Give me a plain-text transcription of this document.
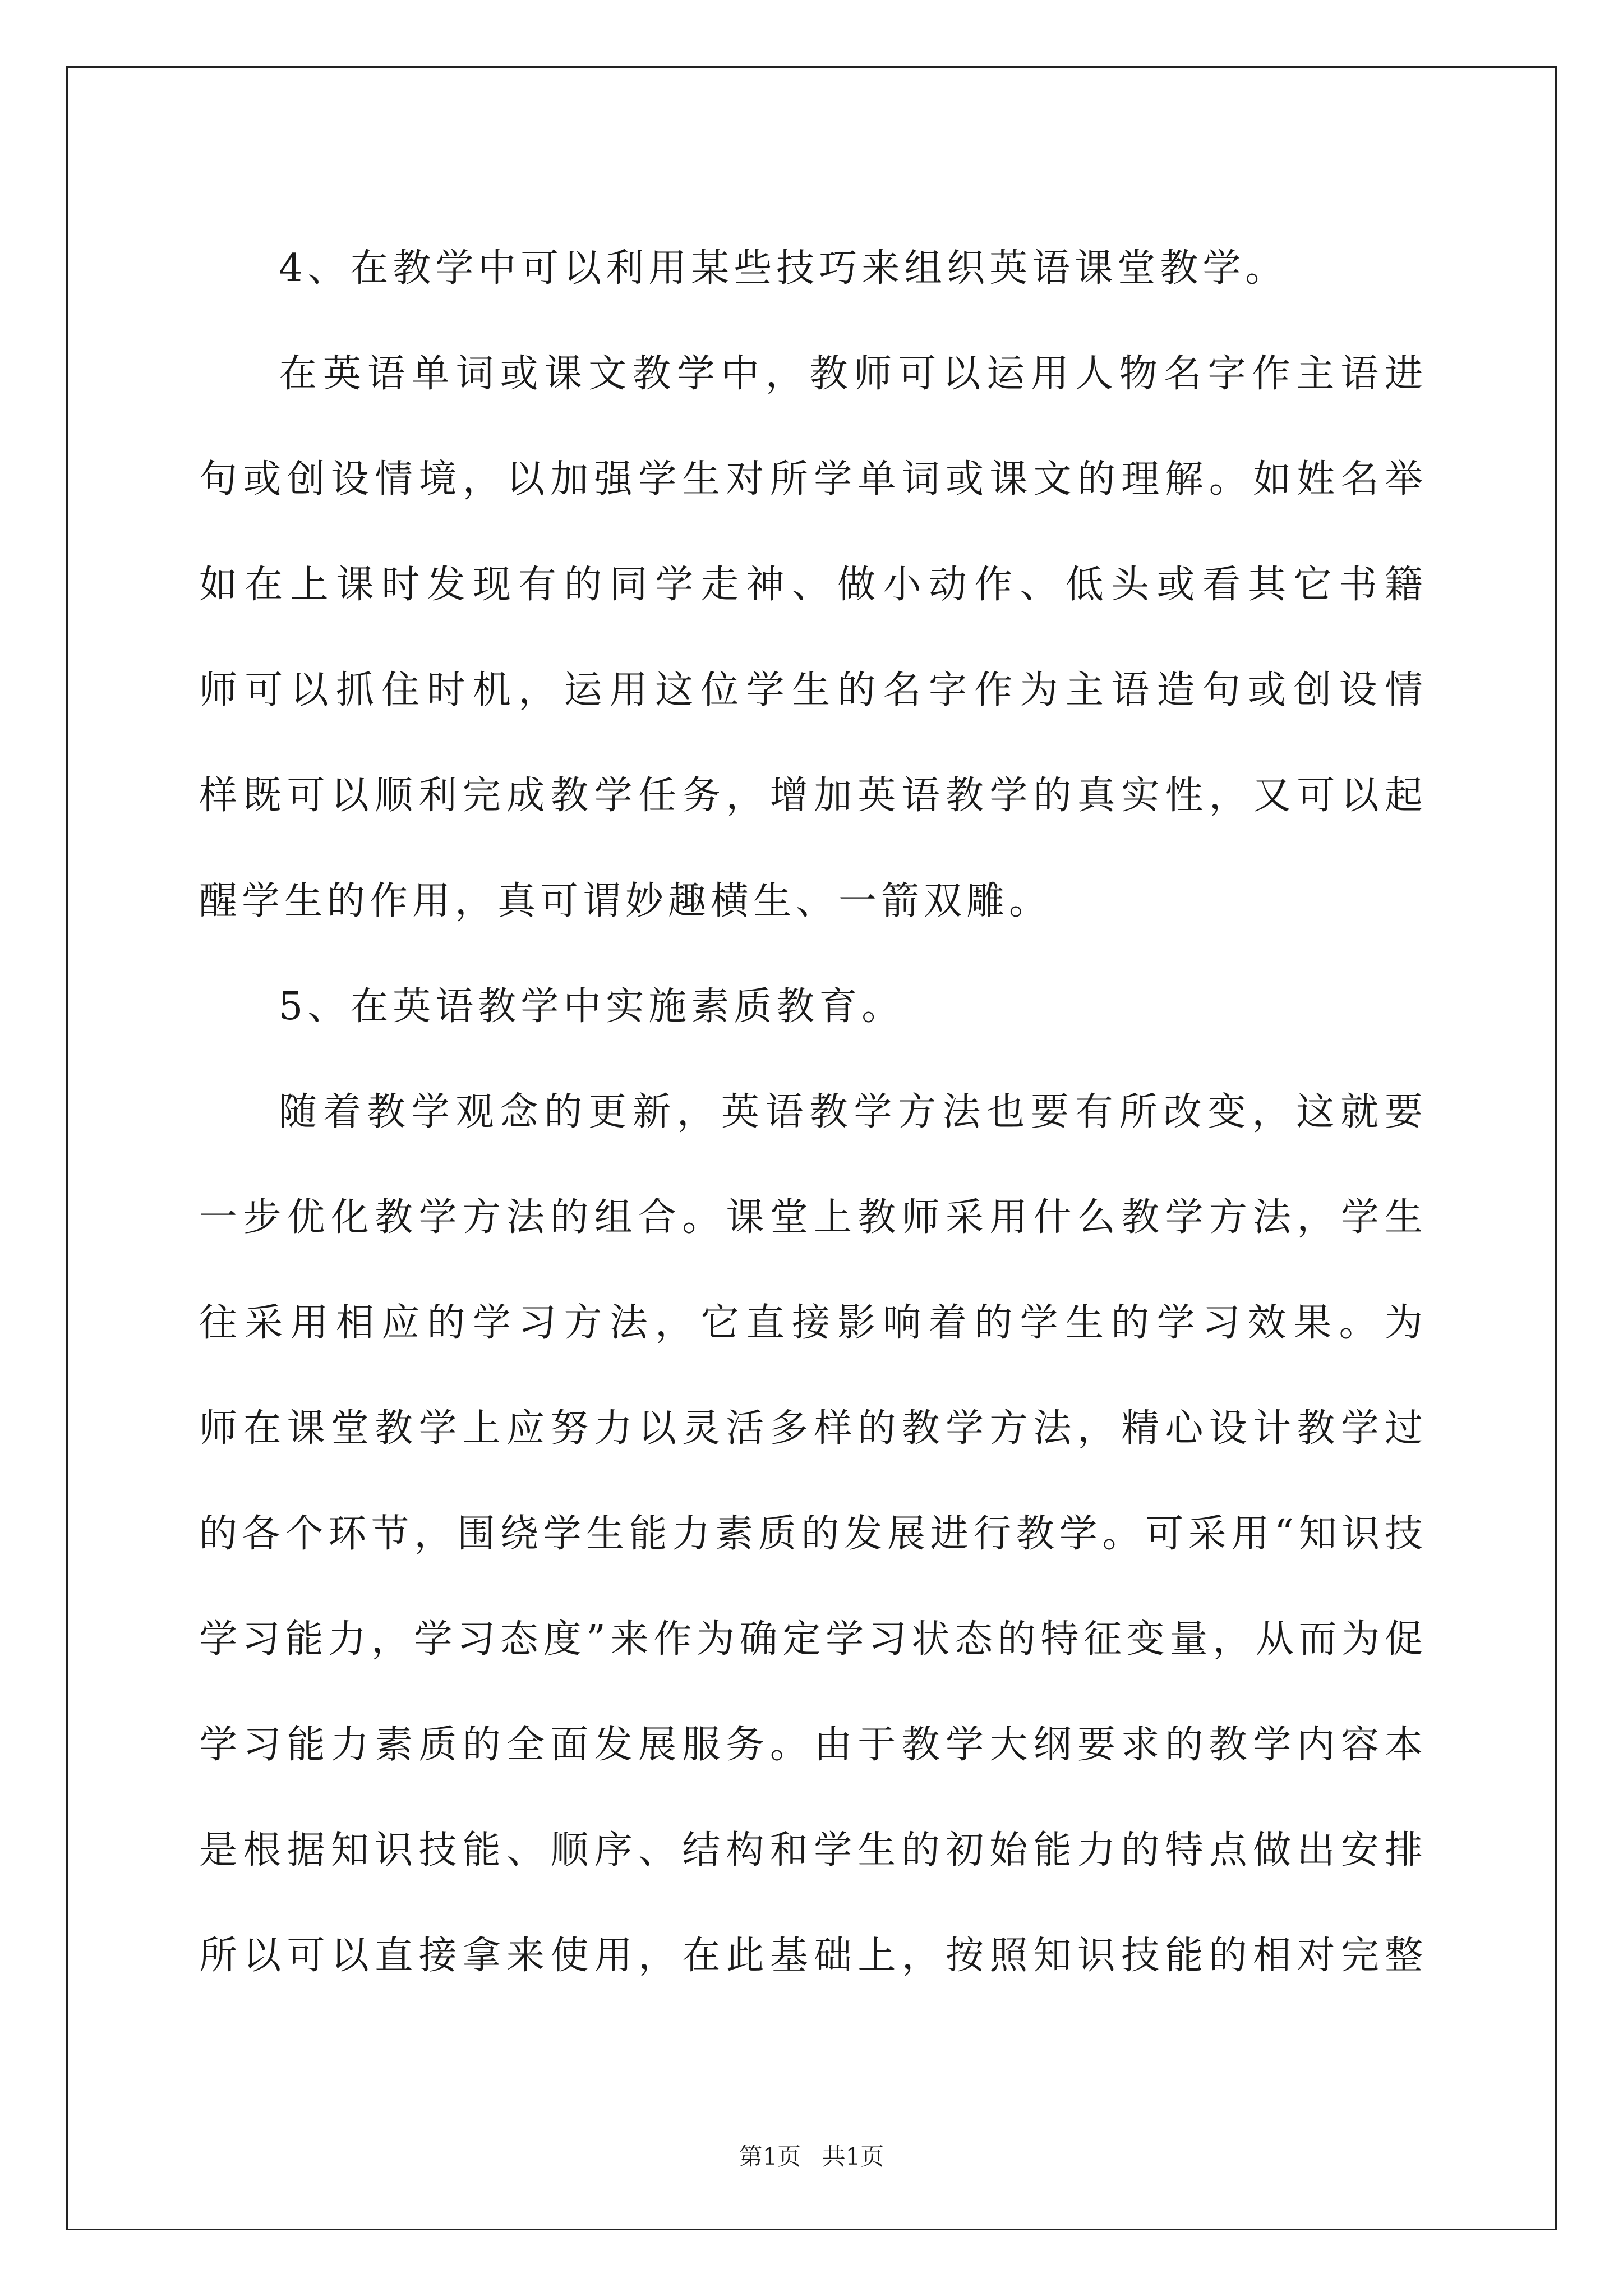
4、在教学中可以利用某些技巧来组织英语课堂教学。
在英语单词或课文教学中，教师可以运用人物名字作主语进
句或创设情境，以加强学生对所学单词或课文的理解。如姓名举
如在上课时发现有的同学走神、做小动作、低头或看其它书籍
师可以抓住时机，运用这位学生的名字作为主语造句或创设情
样既可以顺利完成教学任务，增加英语教学的真实性，又可以起
醒学生的作用，真可谓妙趣横生、一箭双雕。
5、在英语教学中实施素质教育。
随着教学观念的更新，英语教学方法也要有所改变，这就要
一步优化教学方法的组合。课堂上教师采用什么教学方法，学生
往采用相应的学习方法，它直接影响着的学生的学习效果。为
师在课堂教学上应努力以灵活多样的教学方法，精心设计教学过
的各个环节，围绕学生能力素质的发展进行教学。可采用“知识技
学习能力，学习态度”来作为确定学习状态的特征变量，从而为促
学习能力素质的全面发展服务。由于教学大纲要求的教学内容本
是根据知识技能、顺序、结构和学生的初始能力的特点做出安排
所以可以直接拿来使用，在此基础上，按照知识技能的相对完整
第1页 共1页
